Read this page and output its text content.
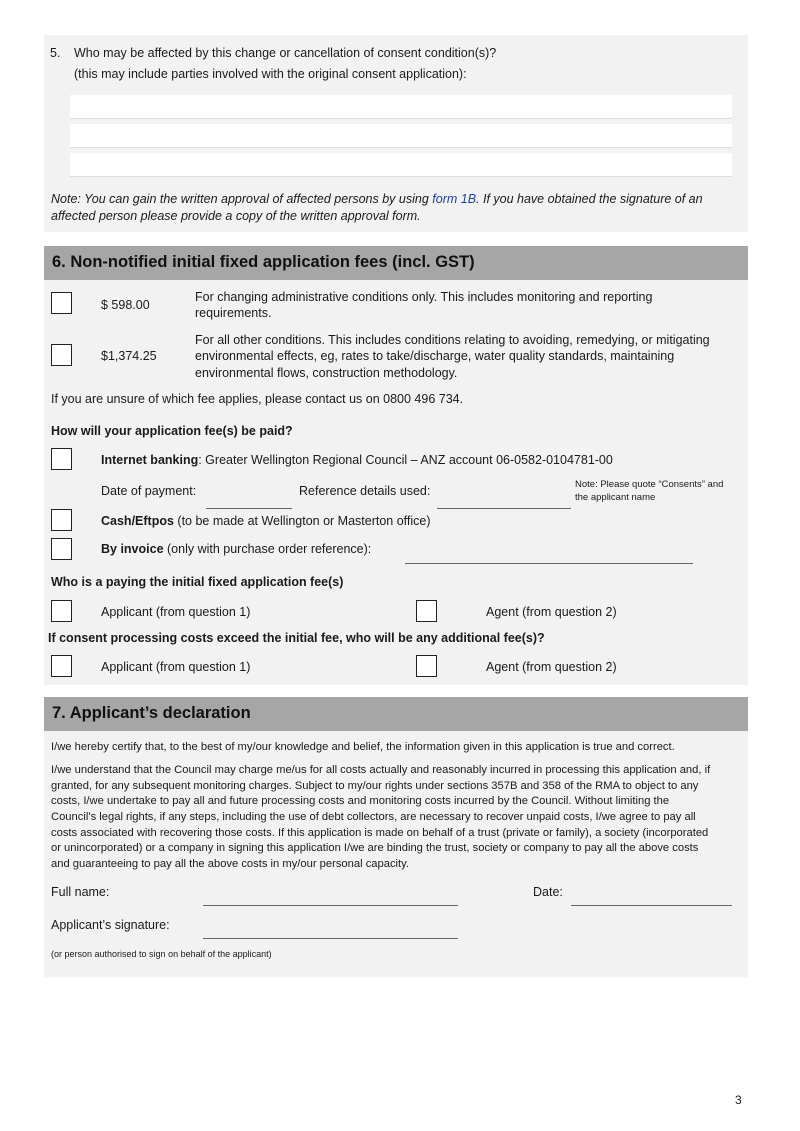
5. Who may be affected by this change or cancellation of consent condition(s)?
(this may include parties involved with the original consent application):
Note: You can gain the written approval of affected persons by using form 1B. If you have obtained the signature of an
affected person please provide a copy of the written approval form.
6. Non-notified initial fixed application fees (incl. GST)
$ 598.00
For changing administrative conditions only. This includes monitoring and reporting
requirements.
$1,374.25
For all other conditions. This includes conditions relating to avoiding, remedying, or mitigating
environmental effects, eg, rates to take/discharge, water quality standards, maintaining
environmental flows, construction methodology.
If you are unsure of which fee applies, please contact us on 0800 496 734.
How will your application fee(s) be paid?
Internet banking: Greater Wellington Regional Council – ANZ account 06-0582-0104781-00
Date of payment:	Reference details used:	Note: Please quote “Consents” and
the applicant name
Cash/Eftpos (to be made at Wellington or Masterton office)
By invoice (only with purchase order reference):
Who is a paying the initial fixed application fee(s)
Applicant (from question 1)	Agent (from question 2)
If consent processing costs exceed the initial fee, who will be any additional fee(s)?
Applicant (from question 1)	Agent (from question 2)
7. Applicant’s declaration
I/we hereby certify that, to the best of my/our knowledge and belief, the information given in this application is true and correct.
I/we understand that the Council may charge me/us for all costs actually and reasonably incurred in processing this application and, if
granted, for any subsequent monitoring charges. Subject to my/our rights under sections 357B and 358 of the RMA to object to any
costs, I/we undertake to pay all and future processing costs and monitoring costs incurred by the Council. Without limiting the
Council’s legal rights, if any steps, including the use of debt collectors, are necessary to recover unpaid costs, I/we agree to pay all
costs associated with recovering those costs. If this application is made on behalf of a trust (private or family), a society (incorporated
or unincorporated) or a company in signing this application I/we are binding the trust, society or company to pay all the above costs
and guaranteeing to pay all the above costs in my/our personal capacity.
Full name:	Date:
Applicant’s signature:
(or person authorised to sign on behalf of the applicant)
3
